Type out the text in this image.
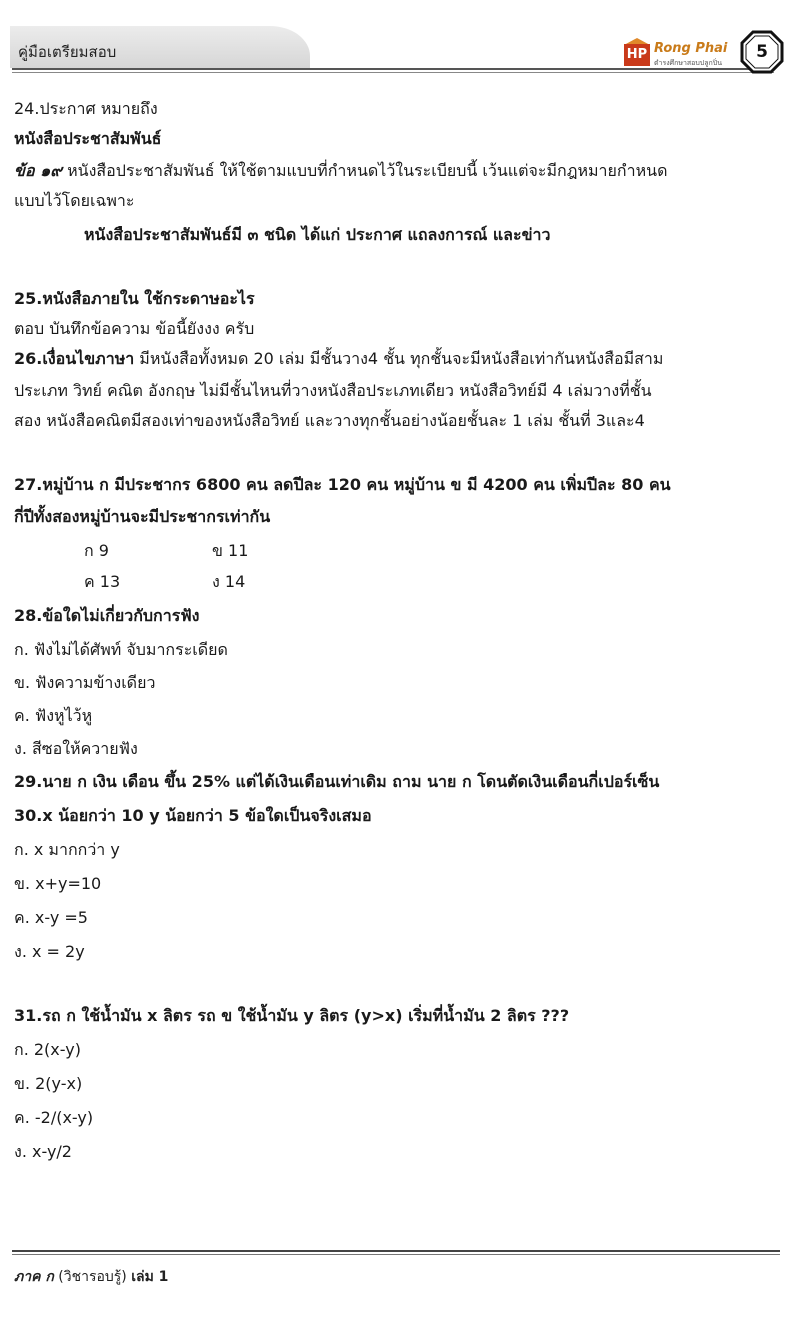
คู่มือเตรียมสอบ	HP Rong Phai
ตำรงศึกษาสอบปลูกปิ่น
5
24.ประกาศ หมายถึง
หนังสือประชาสัมพันธ์
ข้อ ๑๙ หนังสือประชาสัมพันธ์ ให้ใช้ตามแบบที่กำหนดไว้ในระเบียบนี้ เว้นแต่จะมีกฎหมายกำหนด
แบบไว้โดยเฉพาะ
หนังสือประชาสัมพันธ์มี ๓ ชนิด ได้แก่ ประกาศ แถลงการณ์ และข่าว
25.หนังสือภายใน ใช้กระดาษอะไร
ตอบ บันทึกข้อความ ข้อนี้ยังงง ครับ
26.เงื่อนไขภาษา มีหนังสือทั้งหมด 20 เล่ม มีชั้นวาง4 ชั้น ทุกชั้นจะมีหนังสือเท่ากันหนังสือมีสาม
ประเภท วิทย์ คณิต อังกฤษ ไม่มีชั้นไหนที่วางหนังสือประเภทเดียว หนังสือวิทย์มี 4 เล่มวางที่ชั้น
สอง หนังสือคณิตมีสองเท่าของหนังสือวิทย์ และวางทุกชั้นอย่างน้อยชั้นละ 1 เล่ม ชั้นที่ 3และ4
27.หมู่บ้าน ก มีประชากร 6800 คน ลดปีละ 120 คน หมู่บ้าน ข มี 4200 คน เพิ่มปีละ 80 คน
กี่ปีทั้งสองหมู่บ้านจะมีประชากรเท่ากัน
ก 9	ข 11
ค 13	ง 14
28.ข้อใดไม่เกี่ยวกับการฟัง
ก. ฟังไม่ได้ศัพท์ จับมากระเดียด
ข. ฟังความข้างเดียว
ค. ฟังหูไว้หู
ง. สีซอให้ควายฟัง
29.นาย ก เงิน เดือน ขึ้น 25% แต่ได้เงินเดือนเท่าเดิม ถาม นาย ก โดนตัดเงินเดือนกี่เปอร์เซ็น
30.x น้อยกว่า 10 y น้อยกว่า 5 ข้อใดเป็นจริงเสมอ
ก. x มากกว่า y
ข. x+y=10
ค. x-y =5
ง. x = 2y
31.รถ ก ใช้น้ำมัน x ลิตร รถ ข ใช้น้ำมัน y ลิตร (y>x) เริ่มที่น้ำมัน 2 ลิตร ???
ก. 2(x-y)
ข. 2(y-x)
ค. -2/(x-y)
ง. x-y/2
ภาค ก (วิชารอบรู้) เล่ม 1
